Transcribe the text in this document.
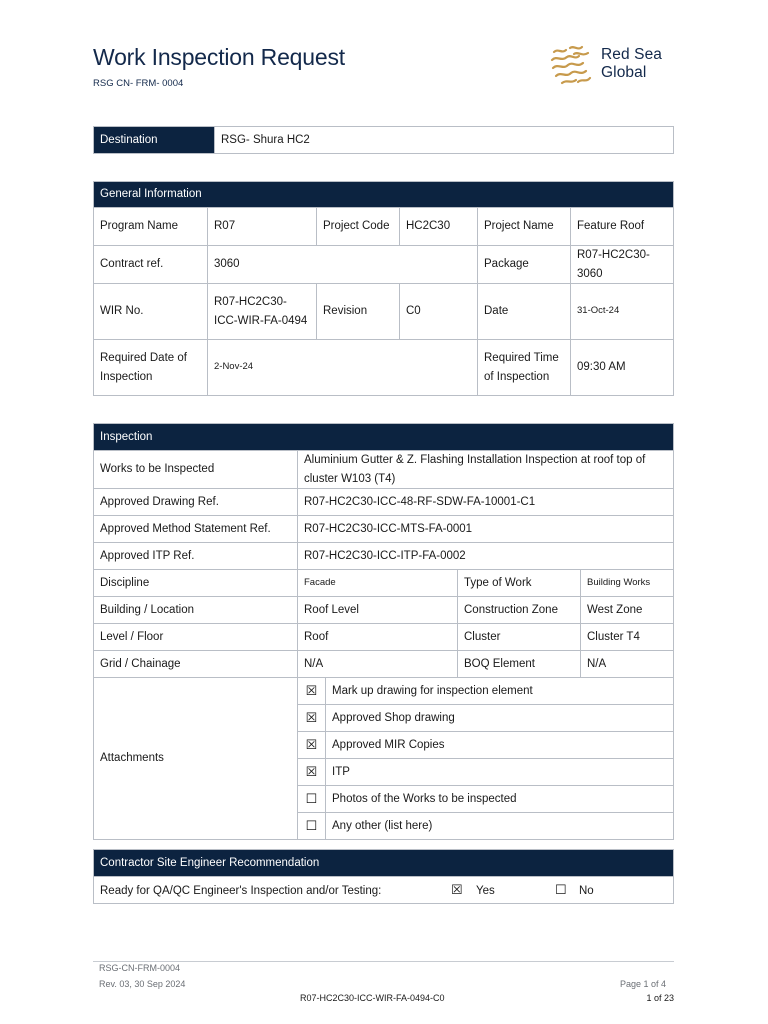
Work Inspection Request
RSG CN- FRM- 0004
Red Sea
Global
Destination	RSG- Shura HC2
General Information					
Program Name	R07	Project Code	HC2C30	Project Name	Feature Roof
Contract ref.	3060			Package	R07-HC2C30-3060
WIR No.	R07-HC2C30-ICC-WIR-FA-0494	Revision	C0	Date	31-Oct-24
Required Date of Inspection	2-Nov-24			Required Time of Inspection	09:30 AM
Inspection				
Works to be Inspected	Aluminium Gutter & Z. Flashing Installation Inspection at roof top of cluster W103 (T4)			
Approved Drawing Ref.	R07-HC2C30-ICC-48-RF-SDW-FA-10001-C1			
Approved Method Statement Ref.	R07-HC2C30-ICC-MTS-FA-0001			
Approved ITP Ref.	R07-HC2C30-ICC-ITP-FA-0002			
Discipline	Facade		Type of Work	Building Works
Building / Location	Roof Level		Construction Zone	West Zone
Level / Floor	Roof		Cluster	Cluster T4
Grid / Chainage	N/A		BOQ Element	N/A
Attachments	☒	Mark up drawing for inspection element		
	☒	Approved Shop drawing		
	☒	Approved MIR Copies		
	☒	ITP		
	☐	Photos of the Works to be inspected		
	☐	Any other (list here)		
Contractor Site Engineer Recommendation

Ready for QA/QC Engineer's Inspection and/or Testing:	☒ Yes	☐ No
RSG-CN-FRM-0004
Rev. 03, 30 Sep 2024	Page 1 of 4
R07-HC2C30-ICC-WIR-FA-0494-C0	1 of 23
